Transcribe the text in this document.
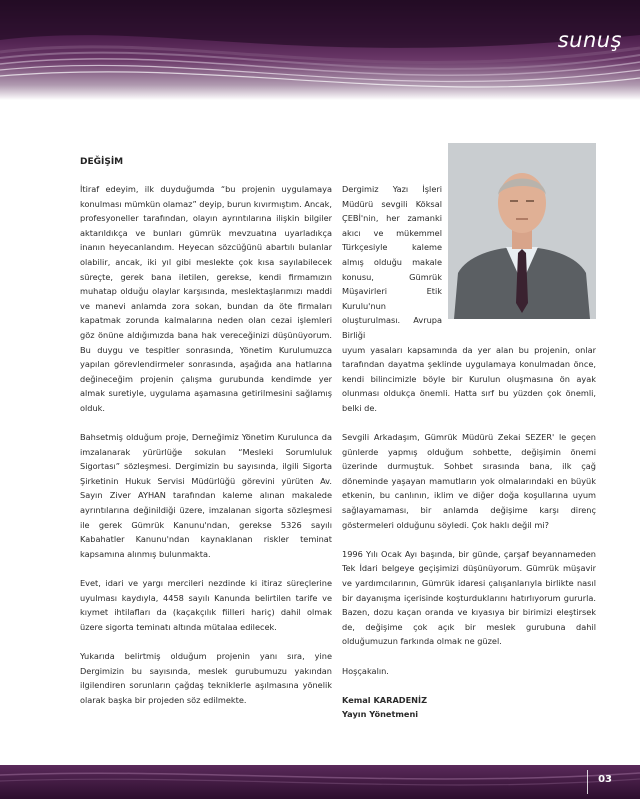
sunuş
DEĞİŞİM

İtiraf edeyim, ilk duyduğumda “bu projenin uygulamaya konulması mümkün olamaz” deyip, burun kıvırmıştım. Ancak, profesyoneller tarafından, olayın ayrıntılarına ilişkin bilgiler aktarıldıkça ve bunları gümrük mevzuatına uyarladıkça inanın heyecanlandım. Heyecan sözcüğünü abartılı bulanlar olabilir, ancak, iki yıl gibi meslekte çok kısa sayılabilecek süreçte, gerek bana iletilen, gerekse, kendi firmamızın muhatap olduğu olaylar karşısında, meslektaşlarımızı maddi ve manevi anlamda zora sokan, bundan da öte firmaları kapatmak zorunda kalmalarına neden olan cezai işlemleri göz önüne aldığımızda bana hak vereceğinizi düşünüyorum. Bu duygu ve tespitler sonrasında, Yönetim Kurulumuzca yapılan görevlendirmeler sonrasında, aşağıda ana hatlarına değineceğim projenin çalışma gurubunda kendimde yer almak suretiyle, uygulama aşamasına getirilmesini sağlamış olduk.

Bahsetmiş olduğum proje, Derneğimiz Yönetim Kurulunca da imzalanarak yürürlüğe sokulan “Mesleki Sorumluluk Sigortası” sözleşmesi. Dergimizin bu sayısında, ilgili Sigorta Şirketinin Hukuk Servisi Müdürlüğü görevini yürüten Av. Sayın Ziver AYHAN tarafından kaleme alınan makalede ayrıntılarına değinildiği üzere, imzalanan sigorta sözleşmesi ile gerek Gümrük Kanunu'ndan, gerekse 5326 sayılı Kabahatler Kanunu'ndan kaynaklanan riskler teminat kapsamına alınmış bulunmakta.

Evet, idari ve yargı mercileri nezdinde ki itiraz süreçlerine uyulması kaydıyla, 4458 sayılı Kanunda belirtilen tarife ve kıymet ihtilafları da (kaçakçılık fiilleri hariç) dahil olmak üzere sigorta teminatı altında mütalaa edilecek.

Yukarıda belirtmiş olduğum projenin yanı sıra, yine Dergimizin bu sayısında, meslek gurubumuzu yakından ilgilendiren sorunların çağdaş tekniklerle aşılmasına yönelik olarak başka bir projeden söz edilmekte.

Dergimiz Yazı İşleri Müdürü sevgili Köksal ÇEBİ'nin, her zamanki akıcı ve mükemmel Türkçesiyle kaleme almış olduğu makale konusu, Gümrük Müşavirleri Etik Kurulu'nun oluşturulması. Avrupa Birliği

uyum yasaları kapsamında da yer alan bu projenin, onlar tarafından dayatma şeklinde uygulamaya konulmadan önce, kendi bilincimizle böyle bir Kurulun oluşmasına ön ayak olunması oldukça önemli. Hatta sırf bu yüzden çok önemli, belki de.

Sevgili Arkadaşım, Gümrük Müdürü Zekai SEZER' le geçen günlerde yapmış olduğum sohbette, değişimin önemi üzerinde durmuştuk. Sohbet sırasında bana, ilk çağ döneminde yaşayan mamutların yok olmalarındaki en büyük etkenin, bu canlının, iklim ve diğer doğa koşullarına uyum sağlayamaması, bir anlamda değişime karşı direnç göstermeleri olduğunu söyledi. Çok haklı değil mi?

1996 Yılı Ocak Ayı başında, bir günde, çarşaf beyannameden Tek İdari belgeye geçişimizi düşünüyorum. Gümrük müşavir ve yardımcılarının, Gümrük idaresi çalışanlarıyla birlikte nasıl bir dayanışma içerisinde koşturduklarını hatırlıyorum gururla. Bazen, dozu kaçan oranda ve kıyasıya bir birimizi eleştirsek de, değişime çok açık bir meslek gurubuna dahil olduğumuzun farkında olmak ne güzel.

Hoşçakalın.

Kemal KARADENİZ
Yayın Yönetmeni
03
